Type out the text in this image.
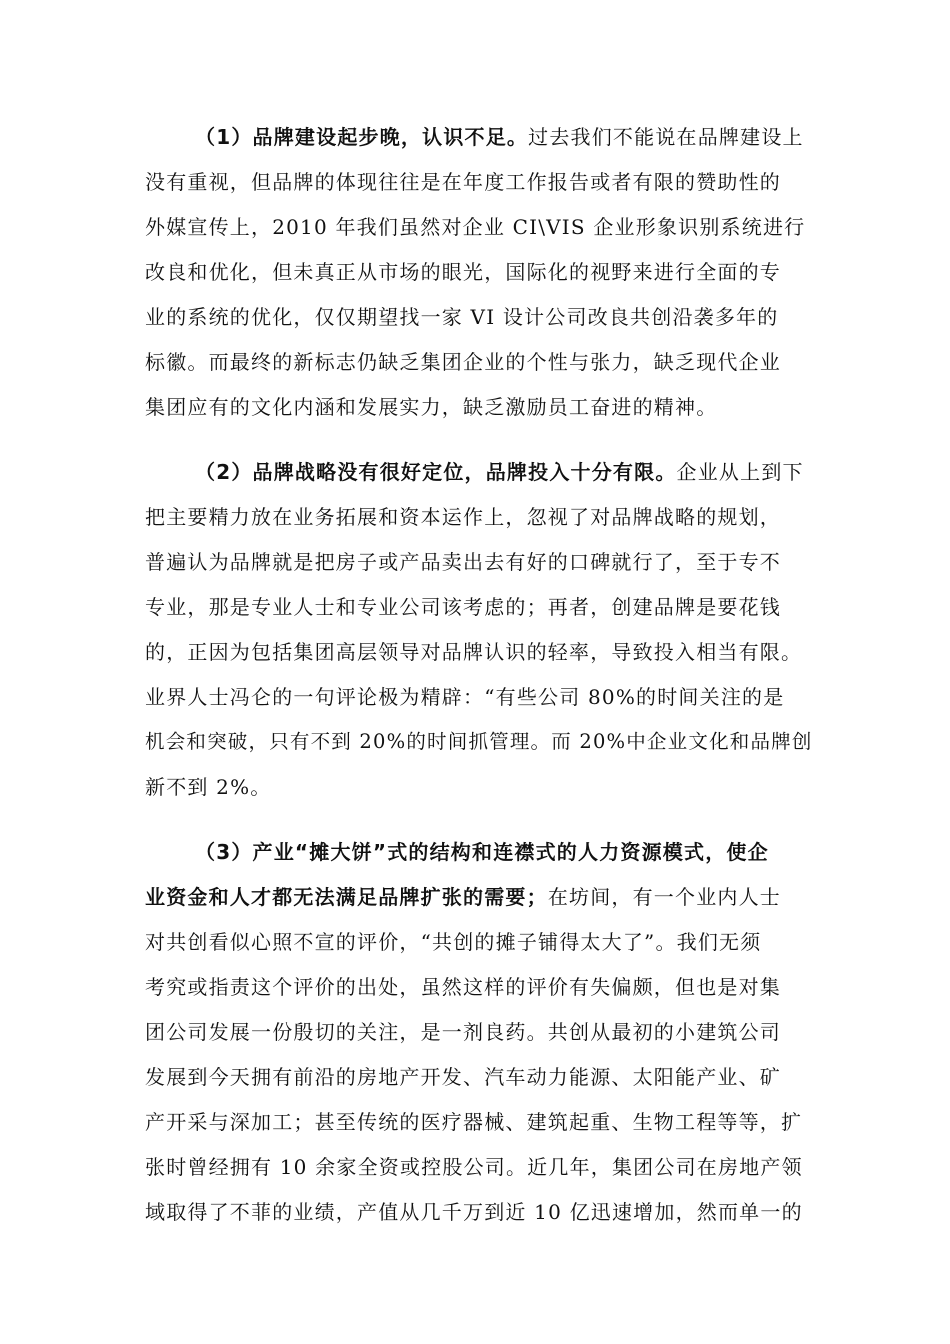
（1）品牌建设起步晚，认识不足。过去我们不能说在品牌建设上
没有重视，但品牌的体现往往是在年度工作报告或者有限的赞助性的
外媒宣传上，2010 年我们虽然对企业 CI\VIS 企业形象识别系统进行
改良和优化，但未真正从市场的眼光，国际化的视野来进行全面的专
业的系统的优化，仅仅期望找一家 VI 设计公司改良共创沿袭多年的
标徽。而最终的新标志仍缺乏集团企业的个性与张力，缺乏现代企业
集团应有的文化内涵和发展实力，缺乏激励员工奋进的精神。
（2）品牌战略没有很好定位，品牌投入十分有限。企业从上到下
把主要精力放在业务拓展和资本运作上，忽视了对品牌战略的规划，
普遍认为品牌就是把房子或产品卖出去有好的口碑就行了，至于专不
专业，那是专业人士和专业公司该考虑的；再者，创建品牌是要花钱
的，正因为包括集团高层领导对品牌认识的轻率，导致投入相当有限。
业界人士冯仑的一句评论极为精辟：“有些公司 80%的时间关注的是
机会和突破，只有不到 20%的时间抓管理。而 20%中企业文化和品牌创
新不到 2%。
（3）产业“摊大饼”式的结构和连襟式的人力资源模式，使企
业资金和人才都无法满足品牌扩张的需要；在坊间，有一个业内人士
对共创看似心照不宣的评价，“共创的摊子铺得太大了”。我们无须
考究或指责这个评价的出处，虽然这样的评价有失偏颇，但也是对集
团公司发展一份殷切的关注，是一剂良药。共创从最初的小建筑公司
发展到今天拥有前沿的房地产开发、汽车动力能源、太阳能产业、矿
产开采与深加工；甚至传统的医疗器械、建筑起重、生物工程等等，扩
张时曾经拥有 10 余家全资或控股公司。近几年，集团公司在房地产领
域取得了不菲的业绩，产值从几千万到近 10 亿迅速增加，然而单一的
